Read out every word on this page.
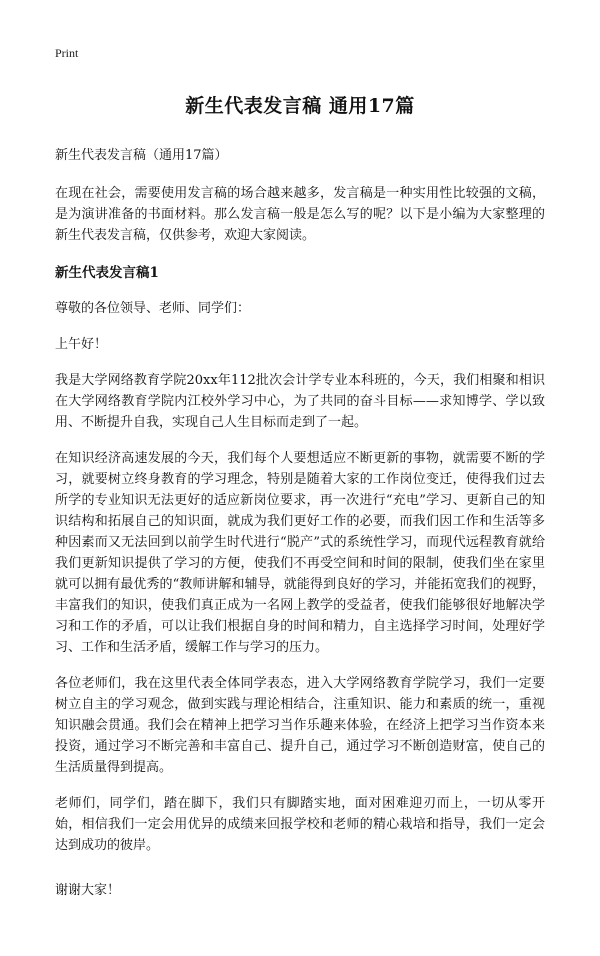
Print
新生代表发言稿 通用17篇

新生代表发言稿（通用17篇）

在现在社会，需要使用发言稿的场合越来越多，发言稿是一种实用性比较强的文稿，是为演讲准备的书面材料。那么发言稿一般是怎么写的呢？以下是小编为大家整理的新生代表发言稿，仅供参考，欢迎大家阅读。

新生代表发言稿1

尊敬的各位领导、老师、同学们：

上午好！

我是大学网络教育学院20xx年112批次会计学专业本科班的，今天，我们相聚和相识在大学网络教育学院内江校外学习中心，为了共同的奋斗目标——求知博学、学以致用、不断提升自我，实现自己人生目标而走到了一起。

在知识经济高速发展的今天，我们每个人要想适应不断更新的事物，就需要不断的学习，就要树立终身教育的学习理念，特别是随着大家的工作岗位变迁，使得我们过去所学的专业知识无法更好的适应新岗位要求，再一次进行“充电”学习、更新自己的知识结构和拓展自己的知识面，就成为我们更好工作的必要，而我们因工作和生活等多种因素而又无法回到以前学生时代进行“脱产”式的系统性学习，而现代远程教育就给我们更新知识提供了学习的方便，使我们不再受空间和时间的限制，使我们坐在家里就可以拥有最优秀的“教师讲解和辅导，就能得到良好的学习，并能拓宽我们的视野，丰富我们的知识，使我们真正成为一名网上教学的受益者，使我们能够很好地解决学习和工作的矛盾，可以让我们根据自身的时间和精力，自主选择学习时间，处理好学习、工作和生活矛盾，缓解工作与学习的压力。

各位老师们，我在这里代表全体同学表态，进入大学网络教育学院学习，我们一定要树立自主的学习观念，做到实践与理论相结合，注重知识、能力和素质的统一，重视知识融会贯通。我们会在精神上把学习当作乐趣来体验，在经济上把学习当作资本来投资，通过学习不断完善和丰富自己、提升自己，通过学习不断创造财富，使自己的生活质量得到提高。

老师们，同学们，踏在脚下，我们只有脚踏实地，面对困难迎刃而上，一切从零开始，相信我们一定会用优异的成绩来回报学校和老师的精心栽培和指导，我们一定会达到成功的彼岸。

谢谢大家！
